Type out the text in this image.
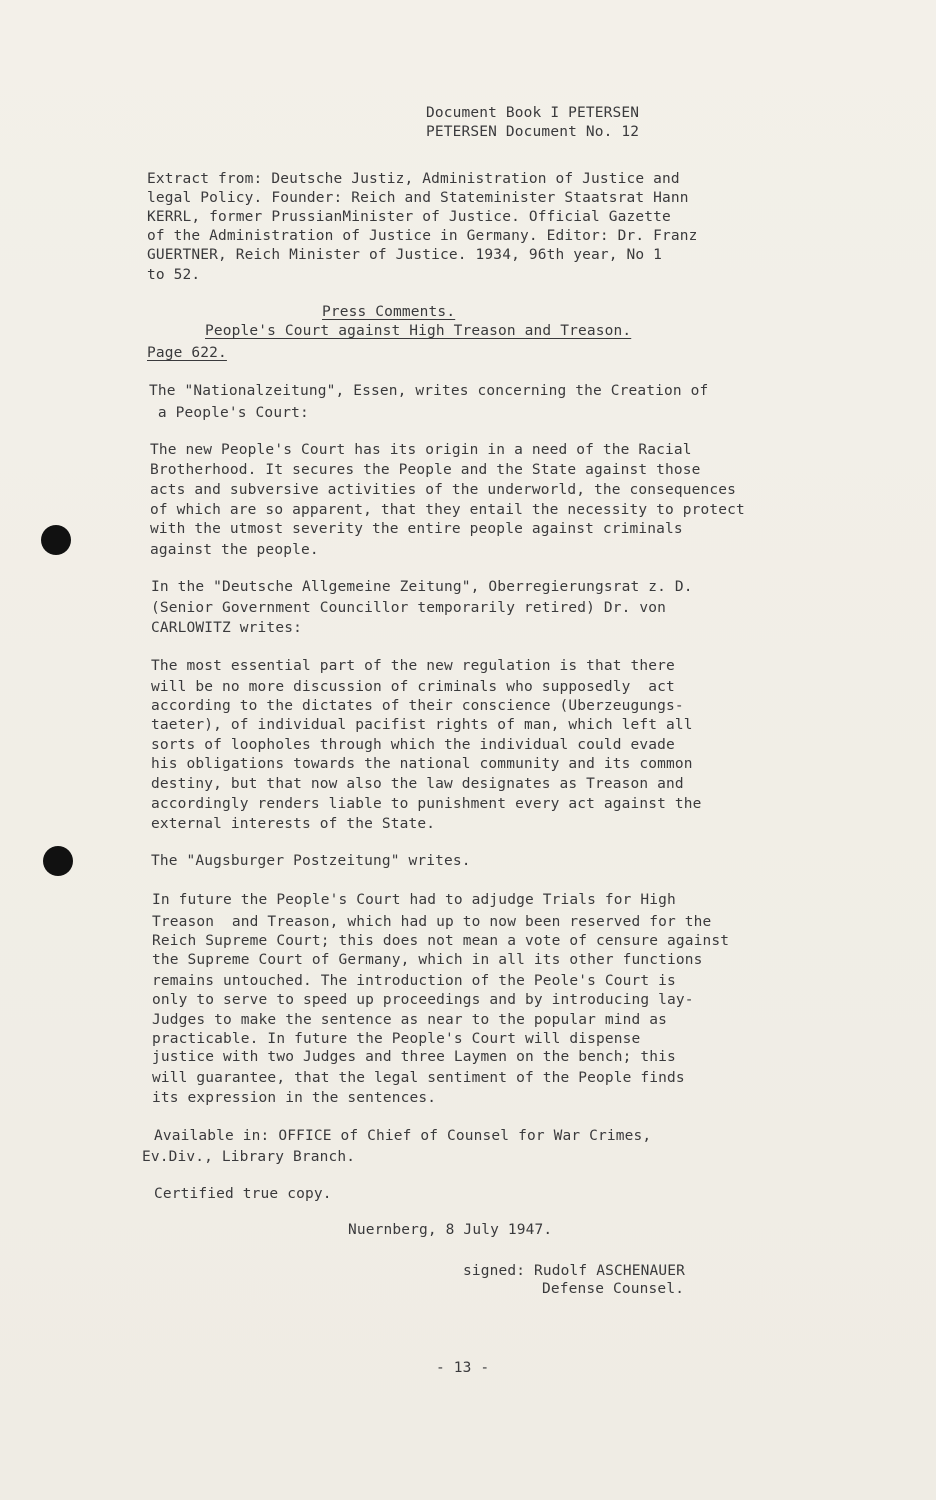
Document Book I PETERSEN

PETERSEN Document No. 12

Extract from: Deutsche Justiz, Administration of Justice and

legal Policy. Founder: Reich and Stateminister Staatsrat Hann

KERRL, former PrussianMinister of Justice. Official Gazette

of the Administration of Justice in Germany. Editor: Dr. Franz

GUERTNER, Reich Minister of Justice. 1934, 96th year, No 1

to 52.

Press Comments.

People's Court against High Treason and Treason.

Page 622.

The "Nationalzeitung", Essen, writes concerning the Creation of

a People's Court:

The new People's Court has its origin in a need of the Racial

Brotherhood. It secures the People and the State against those

acts and subversive activities of the underworld, the consequences

of which are so apparent, that they entail the necessity to protect

with the utmost severity the entire people against criminals

against the people.

In the "Deutsche Allgemeine Zeitung", Oberregierungsrat z. D.

(Senior Government Councillor temporarily retired) Dr. von

CARLOWITZ writes:

The most essential part of the new regulation is that there

will be no more discussion of criminals who supposedly  act

according to the dictates of their conscience (Uberzeugungs-

taeter), of individual pacifist rights of man, which left all

sorts of loopholes through which the individual could evade

his obligations towards the national community and its common

destiny, but that now also the law designates as Treason and

accordingly renders liable to punishment every act against the

external interests of the State.

The "Augsburger Postzeitung" writes.

In future the People's Court had to adjudge Trials for High

Treason  and Treason, which had up to now been reserved for the

Reich Supreme Court; this does not mean a vote of censure against

the Supreme Court of Germany, which in all its other functions

remains untouched. The introduction of the Peole's Court is

only to serve to speed up proceedings and by introducing lay-

Judges to make the sentence as near to the popular mind as

practicable. In future the People's Court will dispense

justice with two Judges and three Laymen on the bench; this

will guarantee, that the legal sentiment of the People finds

its expression in the sentences.

Available in: OFFICE of Chief of Counsel for War Crimes,

Ev.Div., Library Branch.

Certified true copy.

Nuernberg, 8 July 1947.

signed: Rudolf ASCHENAUER

Defense Counsel.

- 13 -
